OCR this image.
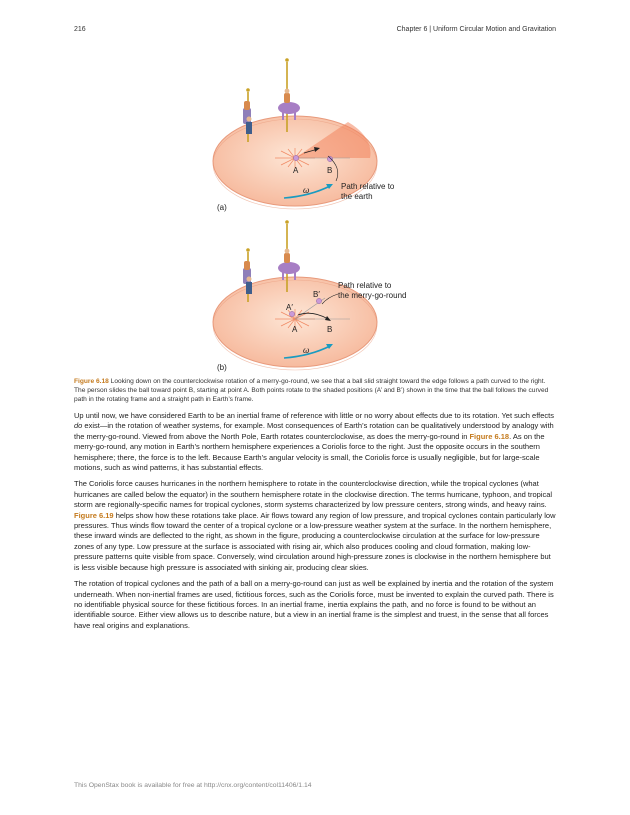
216	Chapter 6 | Uniform Circular Motion and Gravitation
A	B
Path relative to
the earth
ω
(a)
A′
B′
A	B
Path relative to
the merry-go-round
ω
(b)
Figure 6.18 Looking down on the counterclockwise rotation of a merry-go-round, we see that a ball slid straight toward the edge follows a path curved to the right. The person slides the ball toward point B, starting at point A. Both points rotate to the shaded positions (A’ and B’) shown in the time that the ball follows the curved path in the rotating frame and a straight path in Earth’s frame.

Up until now, we have considered Earth to be an inertial frame of reference with little or no worry about effects due to its rotation. Yet such effects do exist—in the rotation of weather systems, for example. Most consequences of Earth’s rotation can be qualitatively understood by analogy with the merry-go-round. Viewed from above the North Pole, Earth rotates counterclockwise, as does the merry-go-round in Figure 6.18. As on the merry-go-round, any motion in Earth’s northern hemisphere experiences a Coriolis force to the right. Just the opposite occurs in the southern hemisphere; there, the force is to the left. Because Earth’s angular velocity is small, the Coriolis force is usually negligible, but for large-scale motions, such as wind patterns, it has substantial effects.

The Coriolis force causes hurricanes in the northern hemisphere to rotate in the counterclockwise direction, while the tropical cyclones (what hurricanes are called below the equator) in the southern hemisphere rotate in the clockwise direction. The terms hurricane, typhoon, and tropical storm are regionally-specific names for tropical cyclones, storm systems characterized by low pressure centers, strong winds, and heavy rains. Figure 6.19 helps show how these rotations take place. Air flows toward any region of low pressure, and tropical cyclones contain particularly low pressures. Thus winds flow toward the center of a tropical cyclone or a low-pressure weather system at the surface. In the northern hemisphere, these inward winds are deflected to the right, as shown in the figure, producing a counterclockwise circulation at the surface for low-pressure zones of any type. Low pressure at the surface is associated with rising air, which also produces cooling and cloud formation, making low-pressure patterns quite visible from space. Conversely, wind circulation around high-pressure zones is clockwise in the northern hemisphere but is less visible because high pressure is associated with sinking air, producing clear skies.

The rotation of tropical cyclones and the path of a ball on a merry-go-round can just as well be explained by inertia and the rotation of the system underneath. When non-inertial frames are used, fictitious forces, such as the Coriolis force, must be invented to explain the curved path. There is no identifiable physical source for these fictitious forces. In an inertial frame, inertia explains the path, and no force is found to be without an identifiable source. Either view allows us to describe nature, but a view in an inertial frame is the simplest and truest, in the sense that all forces have real origins and explanations.

This OpenStax book is available for free at http://cnx.org/content/col11406/1.14
